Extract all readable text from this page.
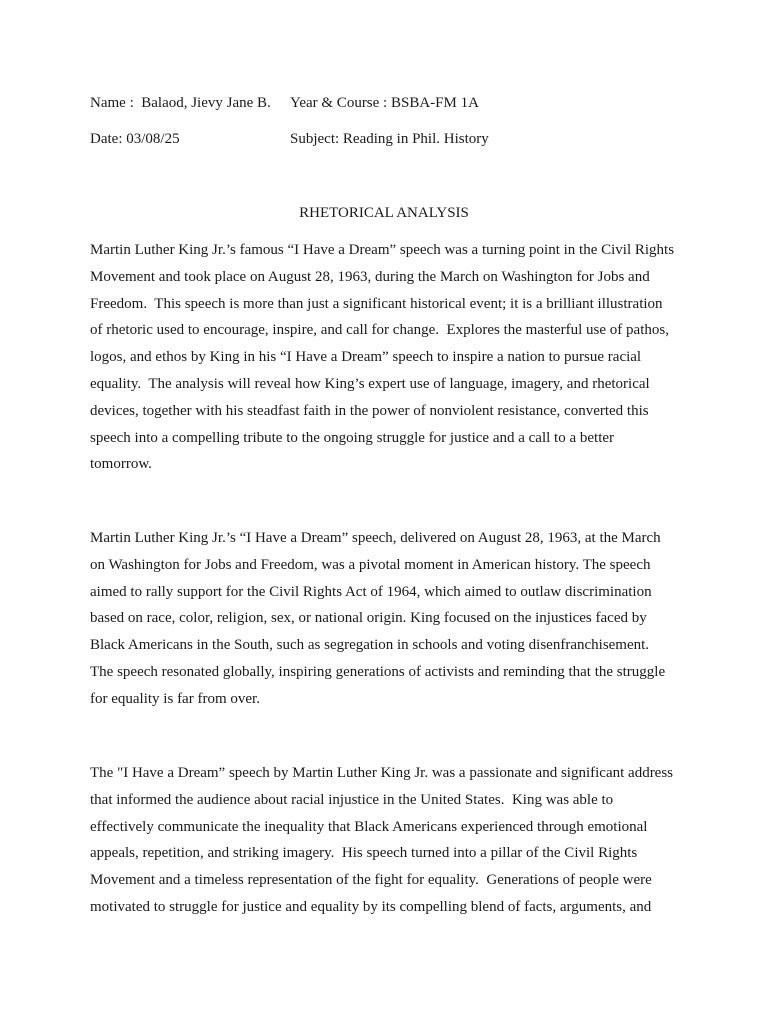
Name :  Balaod, Jievy Jane B. Year & Course : BSBA-FM 1A
Date: 03/08/25	Subject: Reading in Phil. History
RHETORICAL ANALYSIS
Martin Luther King Jr.’s famous “I Have a Dream” speech was a turning point in the Civil Rights
Movement and took place on August 28, 1963, during the March on Washington for Jobs and
Freedom.  This speech is more than just a significant historical event; it is a brilliant illustration
of rhetoric used to encourage, inspire, and call for change.  Explores the masterful use of pathos,
logos, and ethos by King in his “I Have a Dream” speech to inspire a nation to pursue racial
equality.  The analysis will reveal how King’s expert use of language, imagery, and rhetorical
devices, together with his steadfast faith in the power of nonviolent resistance, converted this
speech into a compelling tribute to the ongoing struggle for justice and a call to a better
tomorrow.
Martin Luther King Jr.’s “I Have a Dream” speech, delivered on August 28, 1963, at the March
on Washington for Jobs and Freedom, was a pivotal moment in American history. The speech
aimed to rally support for the Civil Rights Act of 1964, which aimed to outlaw discrimination
based on race, color, religion, sex, or national origin. King focused on the injustices faced by
Black Americans in the South, such as segregation in schools and voting disenfranchisement.
The speech resonated globally, inspiring generations of activists and reminding that the struggle
for equality is far from over.
The "I Have a Dream” speech by Martin Luther King Jr. was a passionate and significant address
that informed the audience about racial injustice in the United States.  King was able to
effectively communicate the inequality that Black Americans experienced through emotional
appeals, repetition, and striking imagery.  His speech turned into a pillar of the Civil Rights
Movement and a timeless representation of the fight for equality.  Generations of people were
motivated to struggle for justice and equality by its compelling blend of facts, arguments, and
